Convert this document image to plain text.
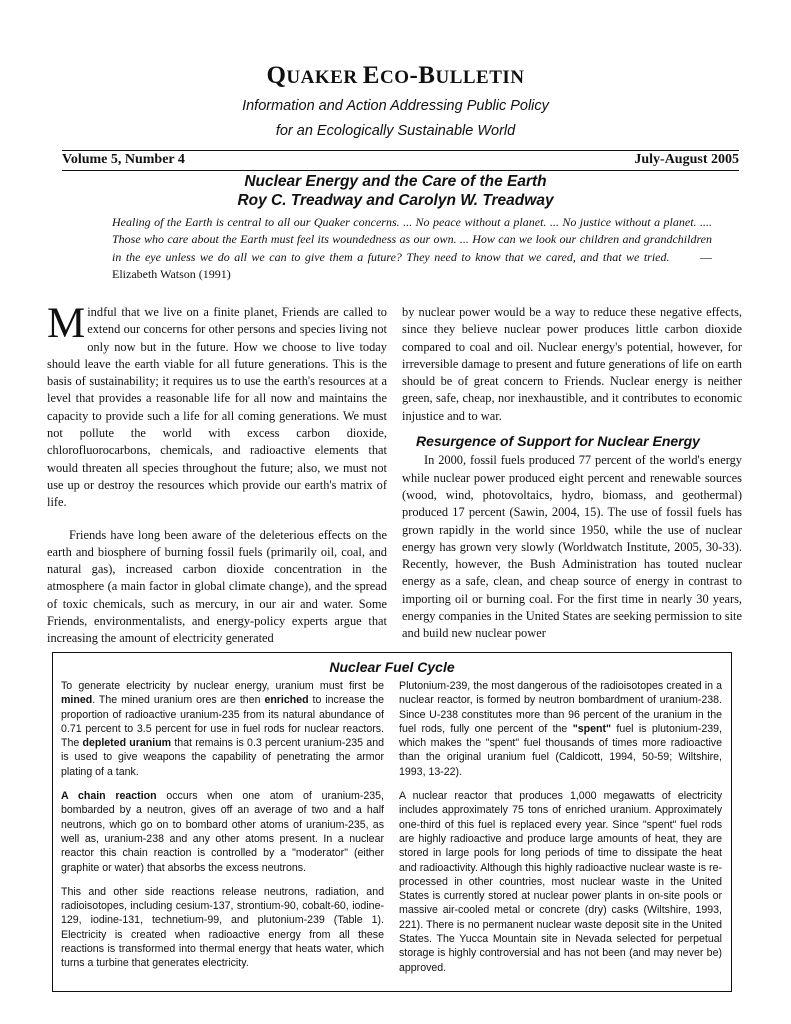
QUAKER ECO-BULLETIN
Information and Action Addressing Public Policy
for an Ecologically Sustainable World
Volume 5, Number 4	July-August 2005
Nuclear Energy and the Care of the Earth
Roy C. Treadway and Carolyn W. Treadway
Healing of the Earth is central to all our Quaker concerns. ... No peace without a planet. ... No justice without a planet. .... Those who care about the Earth must feel its woundedness as our own. ... How can we look our children and grandchildren in the eye unless we do all we can to give them a future? They need to know that we cared, and that we tried.	—Elizabeth Watson (1991)

Mindful that we live on a finite planet, Friends are called to extend our concerns for other persons and species living not only now but in the future. How we choose to live today should leave the earth viable for all future generations. This is the basis of sustainability; it requires us to use the earth's resources at a level that provides a reasonable life for all now and maintains the capacity to provide such a life for all coming generations. We must not pollute the world with excess carbon dioxide, chlorofluorocarbons, chemicals, and radioactive elements that would threaten all species throughout the future; also, we must not use up or destroy the resources which provide our earth's matrix of life.

Friends have long been aware of the deleterious effects on the earth and biosphere of burning fossil fuels (primarily oil, coal, and natural gas), increased carbon dioxide concentration in the atmosphere (a main factor in global climate change), and the spread of toxic chemicals, such as mercury, in our air and water. Some Friends, environmentalists, and energy-policy experts argue that increasing the amount of electricity generated

by nuclear power would be a way to reduce these negative effects, since they believe nuclear power produces little carbon dioxide compared to coal and oil. Nuclear energy's potential, however, for irreversible damage to present and future generations of life on earth should be of great concern to Friends. Nuclear energy is neither green, safe, cheap, nor inexhaustible, and it contributes to economic injustice and to war.

Resurgence of Support for Nuclear Energy

In 2000, fossil fuels produced 77 percent of the world's energy while nuclear power produced eight percent and renewable sources (wood, wind, photovoltaics, hydro, biomass, and geothermal) produced 17 percent (Sawin, 2004, 15). The use of fossil fuels has grown rapidly in the world since 1950, while the use of nuclear energy has grown very slowly (Worldwatch Institute, 2005, 30-33). Recently, however, the Bush Administration has touted nuclear energy as a safe, clean, and cheap source of energy in contrast to importing oil or burning coal. For the first time in nearly 30 years, energy companies in the United States are seeking permission to site and build new nuclear power

Nuclear Fuel Cycle

To generate electricity by nuclear energy, uranium must first be mined. The mined uranium ores are then enriched to increase the proportion of radioactive uranium-235 from its natural abundance of 0.71 percent to 3.5 percent for use in fuel rods for nuclear reactors. The depleted uranium that remains is 0.3 percent uranium-235 and is used to give weapons the capability of penetrating the armor plating of a tank.

A chain reaction occurs when one atom of uranium-235, bombarded by a neutron, gives off an average of two and a half neutrons, which go on to bombard other atoms of uranium-235, as well as, uranium-238 and any other atoms present. In a nuclear reactor this chain reaction is controlled by a "moderator" (either graphite or water) that absorbs the excess neutrons.

This and other side reactions release neutrons, radiation, and radioisotopes, including cesium-137, strontium-90, cobalt-60, iodine-129, iodine-131, technetium-99, and plutonium-239 (Table 1). Electricity is created when radioactive energy from all these reactions is transformed into thermal energy that heats water, which turns a turbine that generates electricity.

Plutonium-239, the most dangerous of the radioisotopes created in a nuclear reactor, is formed by neutron bombardment of uranium-238. Since U-238 constitutes more than 96 percent of the uranium in the fuel rods, fully one percent of the "spent" fuel is plutonium-239, which makes the "spent" fuel thousands of times more radioactive than the original uranium fuel (Caldicott, 1994, 50-59; Wiltshire, 1993, 13-22).

A nuclear reactor that produces 1,000 megawatts of electricity includes approximately 75 tons of enriched uranium. Approximately one-third of this fuel is replaced every year. Since "spent" fuel rods are highly radioactive and produce large amounts of heat, they are stored in large pools for long periods of time to dissipate the heat and radioactivity. Although this highly radioactive nuclear waste is re-processed in other countries, most nuclear waste in the United States is currently stored at nuclear power plants in on-site pools or massive air-cooled metal or concrete (dry) casks (Wiltshire, 1993, 221). There is no permanent nuclear waste deposit site in the United States. The Yucca Mountain site in Nevada selected for perpetual storage is highly controversial and has not been (and may never be) approved.
